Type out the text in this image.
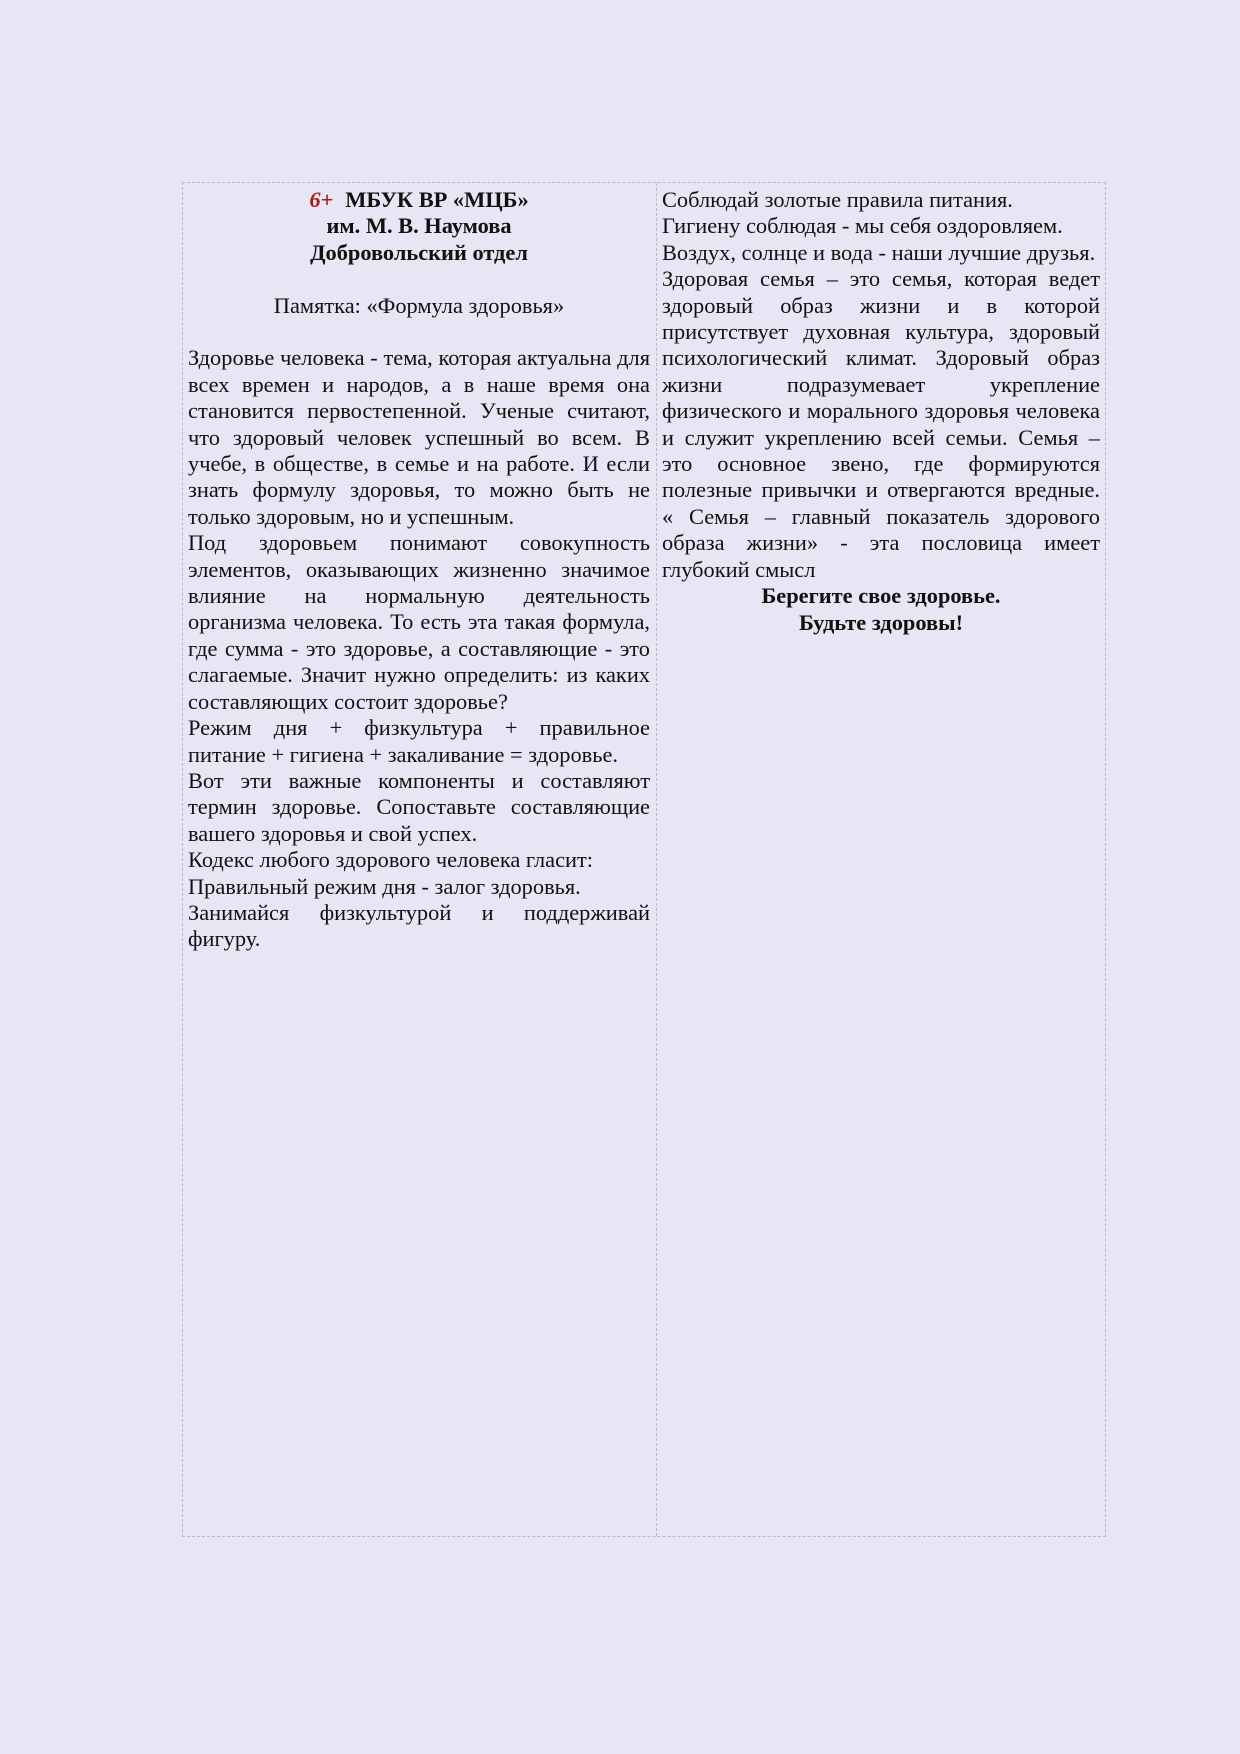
6+ МБУК ВР «МЦБ»
им. М. В. Наумова
Добровольский отдел
Памятка: «Формула здоровья»
Здоровье человека - тема, которая актуальна для всех времен и народов, а в наше время она становится первостепенной. Ученые считают, что здоровый человек успешный во всем. В учебе, в обществе, в семье и на работе. И если знать формулу здоровья, то можно быть не только здоровым, но и успешным.
Под здоровьем понимают совокупность элементов, оказывающих жизненно значимое влияние на нормальную деятельность организма человека. То есть эта такая формула, где сумма - это здоровье, а составляющие - это слагаемые. Значит нужно определить: из каких составляющих состоит здоровье?
Режим дня + физкультура + правильное питание + гигиена + закаливание = здоровье.
Вот эти важные компоненты и составляют термин здоровье. Сопоставьте составляющие вашего здоровья и свой успех.
Кодекс любого здорового человека гласит:
Правильный режим дня - залог здоровья.
Занимайся физкультурой и поддерживай фигуру.
Соблюдай золотые правила питания.
Гигиену соблюдая - мы себя оздоровляем.
Воздух, солнце и вода - наши лучшие друзья.
Здоровая семья – это семья, которая ведет здоровый образ жизни и в которой присутствует духовная культура, здоровый психологический климат. Здоровый образ жизни подразумевает укрепление физического и морального здоровья человека и служит укреплению всей семьи. Семья – это основное звено, где формируются полезные привычки и отвергаются вредные. « Семья – главный показатель здорового образа жизни» - эта пословица имеет глубокий смысл
Берегите свое здоровье.
Будьте здоровы!
